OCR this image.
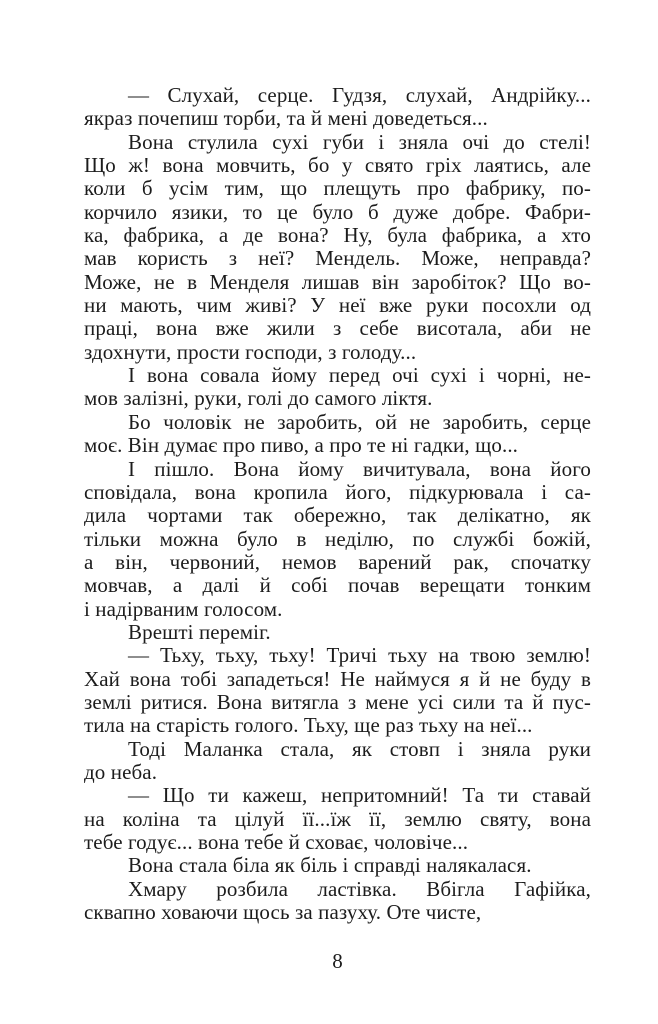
— Слухай, серце. Гудзя, слухай, Андрійку...
якраз почепиш торби, та й мені доведеться...

Вона стулила сухі губи і зняла очі до стелі!
Що ж! вона мовчить, бо у свято гріх лаятись, але
коли б усім тим, що плещуть про фабрику, по-
корчило язики, то це було б дуже добре. Фабри-
ка, фабрика, а де вона? Ну, була фабрика, а хто
мав користь з неї? Мендель. Може, неправда?
Може, не в Менделя лишав він заробіток? Що во-
ни мають, чим живі? У неї вже руки посохли од
праці, вона вже жили з себе висотала, аби не
здохнути, прости господи, з голоду...

І вона совала йому перед очі сухі і чорні, не-
мов залізні, руки, голі до самого ліктя.

Бо чоловік не заробить, ой не заробить, серце
моє. Він думає про пиво, а про те ні гадки, що...

І пішло. Вона йому вичитувала, вона його
сповідала, вона кропила його, підкурювала і са-
дила чортами так обережно, так делікатно, як
тільки можна було в неділю, по службі божій,
а він, червоний, немов варений рак, спочатку
мовчав, а далі й собі почав верещати тонким
і надірваним голосом.

Врешті переміг.

— Тьху, тьху, тьху! Тричі тьху на твою землю!
Хай вона тобі западеться! Не наймуся я й не буду в
землі ритися. Вона витягла з мене усі сили та й пус-
тила на старість голого. Тьху, ще раз тьху на неї...

Тоді Маланка стала, як стовп і зняла руки
до неба.

— Що ти кажеш, непритомний! Та ти ставай
на коліна та цілуй її...їж її, землю святу, вона
тебе годує... вона тебе й сховає, чоловіче...

Вона стала біла як біль і справді налякалася.

Хмару розбила ластівка. Вбігла Гафійка,
сквапно ховаючи щось за пазуху. Оте чисте,

8
